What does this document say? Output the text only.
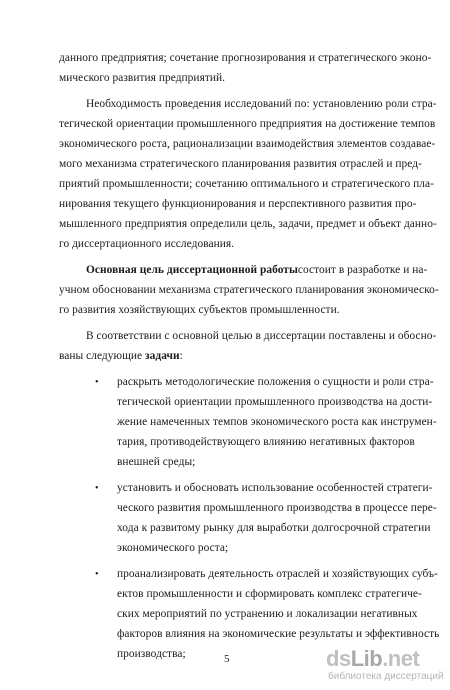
данного предприятия; сочетание прогнозирования и стратегического эконо-
мического развития предприятий.
Необходимость проведения исследований по: установлению роли стра-
тегической ориентации промышленного предприятия на достижение темпов
экономического роста, рационализации взаимодействия элементов создавае-
мого механизма стратегического планирования развития отраслей и пред-
приятий промышленности; сочетанию оптимального и стратегического пла-
нирования текущего функционирования и перспективного развития про-
мышленного предприятия определили цель, задачи, предмет и объект данно-
го диссертационного исследования.
Основная цель диссертационной работы состоит в разработке и на-
учном обосновании механизма стратегического планирования экономическо-
го развития хозяйствующих субъектов промышленности.
В соответствии с основной целью в диссертации поставлены и обосно-
ваны следующие задачи:
• раскрыть методологические положения о сущности и роли стра-
тегической ориентации промышленного производства на дости-
жение намеченных темпов экономического роста как инструмен-
тария, противодействующего влиянию негативных факторов
внешней среды;
• установить и обосновать использование особенностей стратеги-
ческого развития промышленного производства в процессе пере-
хода к развитому рынку для выработки долгосрочной стратегии
экономического роста;
• проанализировать деятельность отраслей и хозяйствующих субъ-
ектов промышленности и сформировать комплекс стратегиче-
ских мероприятий по устранению и локализации негативных
факторов влияния на экономические результаты и эффективность
производства;	5	dsLib.net
библиотека диссертаций
